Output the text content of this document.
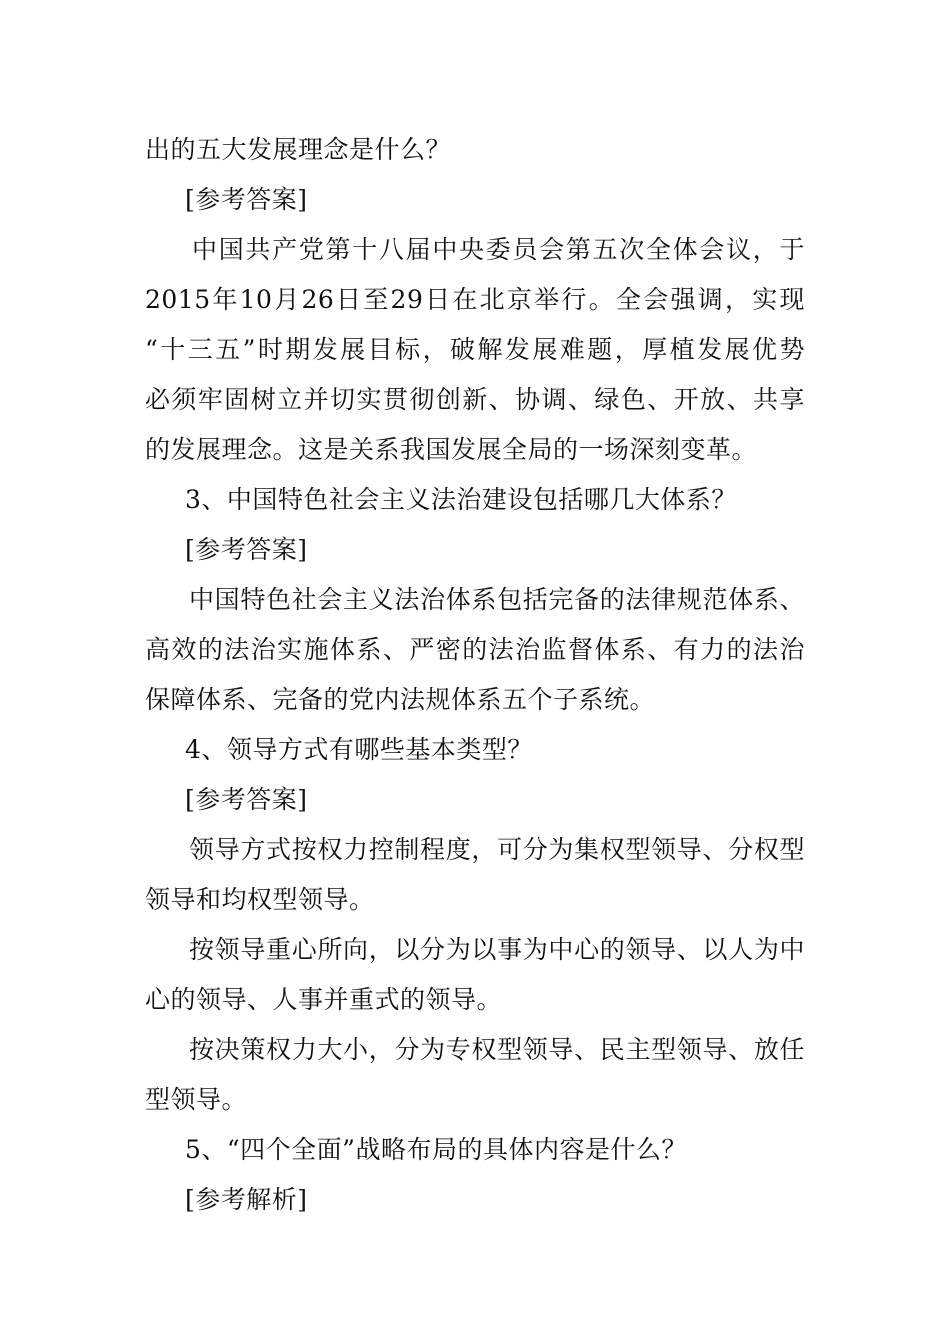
出的五大发展理念是什么？
[参考答案]
中国共产党第十八届中央委员会第五次全体会议，于
2015年10月26日至29日在北京举行。全会强调，实现
“十三五”时期发展目标，破解发展难题，厚植发展优势
必须牢固树立并切实贯彻创新、协调、绿色、开放、共享
的发展理念。这是关系我国发展全局的一场深刻变革。
3、中国特色社会主义法治建设包括哪几大体系？
[参考答案]
中国特色社会主义法治体系包括完备的法律规范体系、
高效的法治实施体系、严密的法治监督体系、有力的法治
保障体系、完备的党内法规体系五个子系统。
4、领导方式有哪些基本类型？
[参考答案]
领导方式按权力控制程度，可分为集权型领导、分权型
领导和均权型领导。
按领导重心所向，以分为以事为中心的领导、以人为中
心的领导、人事并重式的领导。
按决策权力大小，分为专权型领导、民主型领导、放任
型领导。
5、“四个全面”战略布局的具体内容是什么？
[参考解析]
